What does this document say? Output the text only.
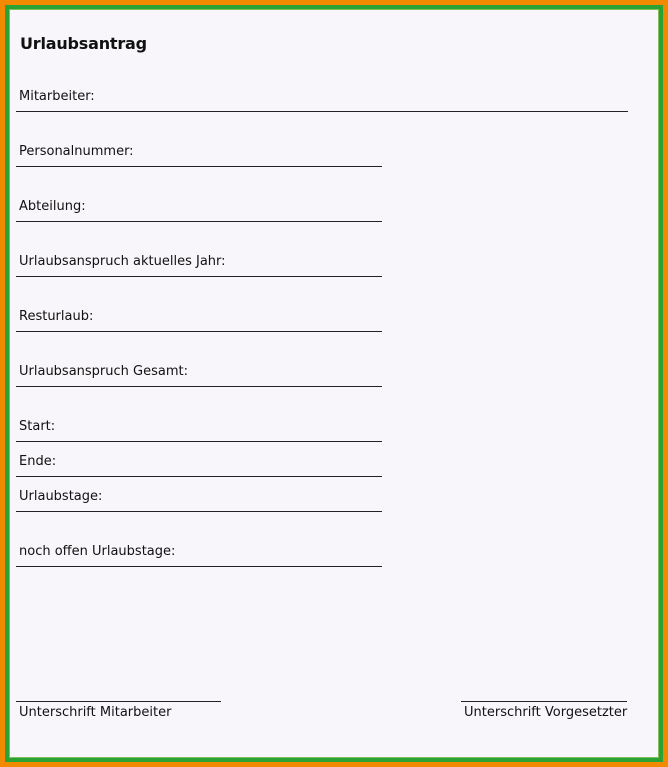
Urlaubsantrag
Mitarbeiter:
Personalnummer:
Abteilung:
Urlaubsanspruch aktuelles Jahr:
Resturlaub:
Urlaubsanspruch Gesamt:
Start:
Ende:
Urlaubstage:
noch offen Urlaubstage:
Unterschrift Mitarbeiter	Unterschrift Vorgesetzter
